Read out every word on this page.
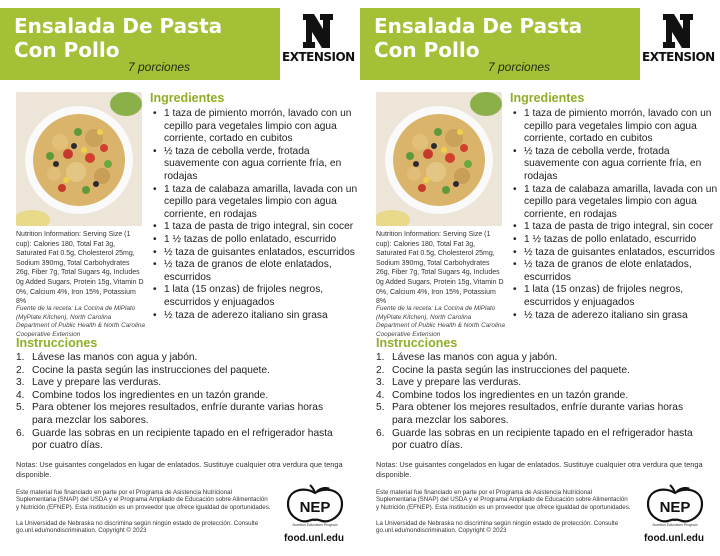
Ensalada De Pasta Con Pollo
7 porciones
EXTENSION
Nutrition Information: Serving Size (1 cup): Calories 180, Total Fat 3g, Saturated Fat 0.5g, Cholesterol 25mg, Sodium 390mg, Total Carbohydrates 26g, Fiber 7g, Total Sugars 4g, Includes 0g Added Sugars, Protein 15g, Vitamin D 0%, Calcium 4%, Iron 15%, Potassium 8%
Fuente de la receta: La Cocina de MiPlato (MyPlate Kitchen), North Carolina Department of Public Health & North Carolina Cooperative Extension
Ingredientes
• 1 taza de pimiento morrón, lavado con un cepillo para vegetales limpio con agua corriente, cortado en cubitos
• ½ taza de cebolla verde, frotada suavemente con agua corriente fría, en rodajas
• 1 taza de calabaza amarilla, lavada con un cepillo para vegetales limpio con agua corriente, en rodajas
• 1 taza de pasta de trigo integral, sin cocer
• 1 ½ tazas de pollo enlatado, escurrido
• ½ taza de guisantes enlatados, escurridos
• ½ taza de granos de elote enlatados, escurridos
• 1 lata (15 onzas) de frijoles negros, escurridos y enjuagados
• ½ taza de aderezo italiano sin grasa
Instrucciones
1. Lávese las manos con agua y jabón.
2. Cocine la pasta según las instrucciones del paquete.
3. Lave y prepare las verduras.
4. Combine todos los ingredientes en un tazón grande.
5. Para obtener los mejores resultados, enfríe durante varias horas para mezclar los sabores.
6. Guarde las sobras en un recipiente tapado en el refrigerador hasta por cuatro días.
Notas: Use guisantes congelados en lugar de enlatados. Sustituye cualquier otra verdura que tenga disponible.
Este material fue financiado en parte por el Programa de Asistencia Nutricional Suplementaria (SNAP) del USDA y el Programa Ampliado de Educación sobre Alimentación y Nutrición (EFNEP). Esta institución es un proveedor que ofrece igualdad de oportunidades.
La Universidad de Nebraska no discrimina según ningún estado de protección. Consulte go.unl.edu/nondiscrimination. Copyright © 2023
NEP
Nutrition Education Program
food.unl.edu
Ensalada De Pasta Con Pollo
7 porciones
EXTENSION
Nutrition Information: Serving Size (1 cup): Calories 180, Total Fat 3g, Saturated Fat 0.5g, Cholesterol 25mg, Sodium 390mg, Total Carbohydrates 26g, Fiber 7g, Total Sugars 4g, Includes 0g Added Sugars, Protein 15g, Vitamin D 0%, Calcium 4%, Iron 15%, Potassium 8%
Fuente de la receta: La Cocina de MiPlato (MyPlate Kitchen), North Carolina Department of Public Health & North Carolina Cooperative Extension
Ingredientes
• 1 taza de pimiento morrón, lavado con un cepillo para vegetales limpio con agua corriente, cortado en cubitos
• ½ taza de cebolla verde, frotada suavemente con agua corriente fría, en rodajas
• 1 taza de calabaza amarilla, lavada con un cepillo para vegetales limpio con agua corriente, en rodajas
• 1 taza de pasta de trigo integral, sin cocer
• 1 ½ tazas de pollo enlatado, escurrido
• ½ taza de guisantes enlatados, escurridos
• ½ taza de granos de elote enlatados, escurridos
• 1 lata (15 onzas) de frijoles negros, escurridos y enjuagados
• ½ taza de aderezo italiano sin grasa
Instrucciones
1. Lávese las manos con agua y jabón.
2. Cocine la pasta según las instrucciones del paquete.
3. Lave y prepare las verduras.
4. Combine todos los ingredientes en un tazón grande.
5. Para obtener los mejores resultados, enfríe durante varias horas para mezclar los sabores.
6. Guarde las sobras en un recipiente tapado en el refrigerador hasta por cuatro días.
Notas: Use guisantes congelados en lugar de enlatados. Sustituye cualquier otra verdura que tenga disponible.
Este material fue financiado en parte por el Programa de Asistencia Nutricional Suplementaria (SNAP) del USDA y el Programa Ampliado de Educación sobre Alimentación y Nutrición (EFNEP). Esta institución es un proveedor que ofrece igualdad de oportunidades.
La Universidad de Nebraska no discrimina según ningún estado de protección. Consulte go.unl.edu/nondiscrimination. Copyright © 2023
NEP
Nutrition Education Program
food.unl.edu
